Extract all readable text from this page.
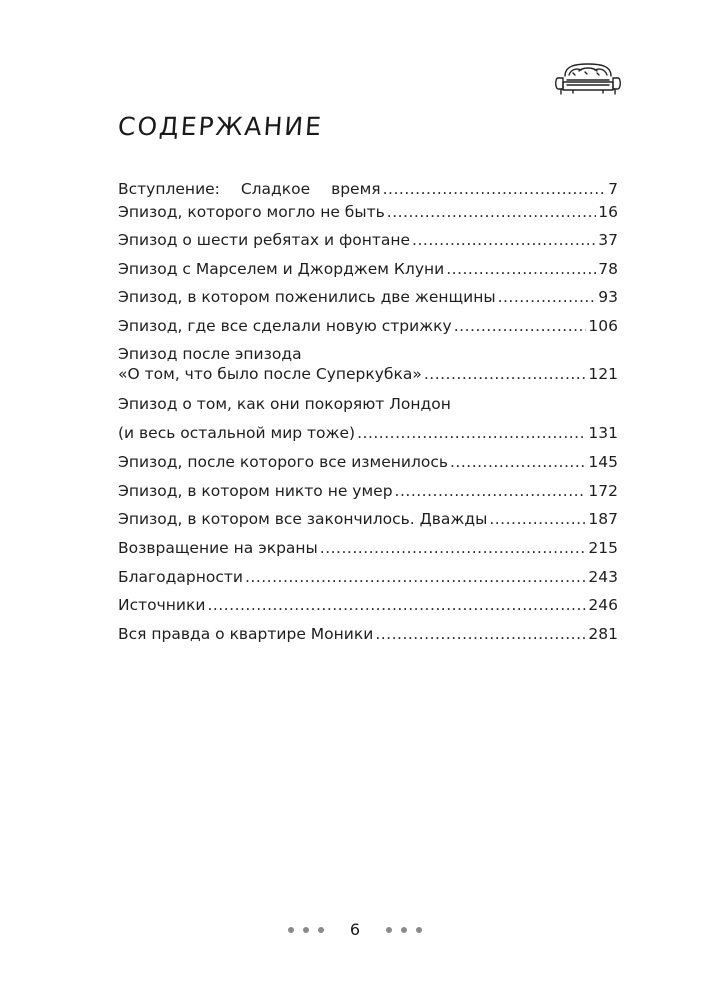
СОДЕРЖАНИЕ
Вступление: Сладкое время .....	7
Эпизод, которого могло не быть .....	16
Эпизод о шести ребятах и фонтане .....	37
Эпизод с Марселем и Джорджем Клуни .....	78
Эпизод, в котором поженились две женщины .....	93
Эпизод, где все сделали новую стрижку .....	106
Эпизод после эпизода
«О том, что было после Суперкубка» .....	121
Эпизод о том, как они покоряют Лондон
(и весь остальной мир тоже) .....	131
Эпизод, после которого все изменилось .....	145
Эпизод, в котором никто не умер .....	172
Эпизод, в котором все закончилось. Дважды .....	187
Возвращение на экраны .....	215
Благодарности .....	243
Источники .....	246
Вся правда о квартире Моники .....	281
6
